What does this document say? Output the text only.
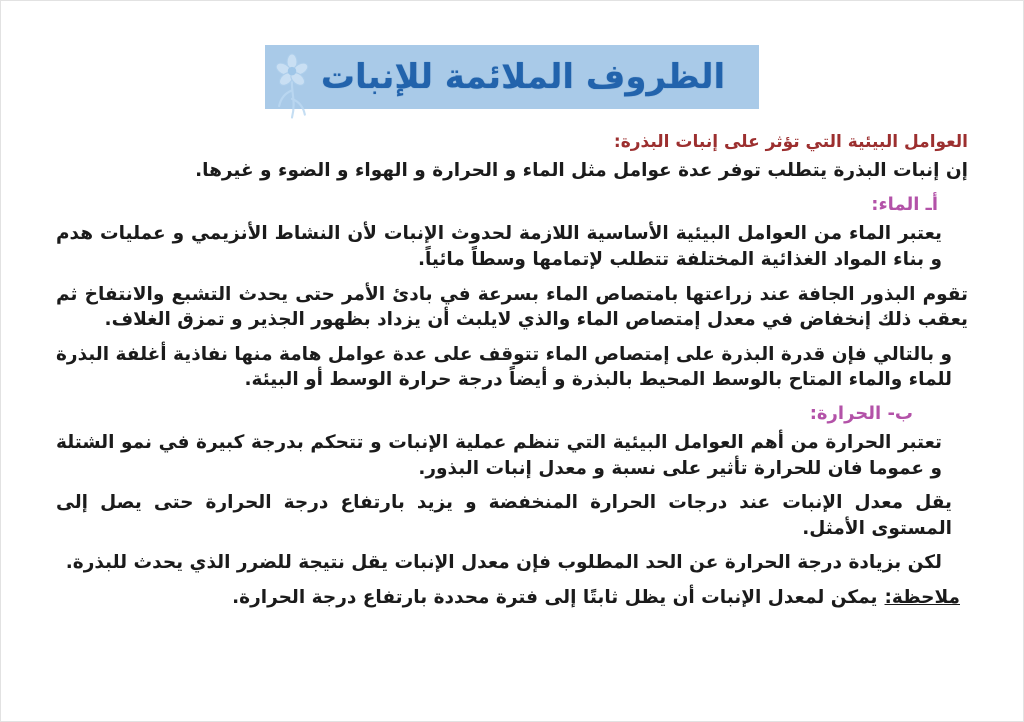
الظروف الملائمة للإنبات
العوامل البيئية التي تؤثر على إنبات البذرة:

إن إنبات البذرة يتطلب توفر عدة عوامل مثل الماء و الحرارة و الهواء و الضوء و غيرها.

أـ الماء:

يعتبر الماء من العوامل البيئية الأساسية اللازمة لحدوث الإنبات لأن النشاط الأنزيمي و عمليات هدم و بناء المواد الغذائية المختلفة تتطلب لإتمامها وسطاً مائياً.

تقوم البذور الجافة عند زراعتها بامتصاص الماء بسرعة في بادئ الأمر حتى يحدث التشبع والانتفاخ ثم يعقب ذلك إنخفاض في معدل إمتصاص الماء والذي لايلبث أن يزداد بظهور الجذير و تمزق الغلاف.

و بالتالي فإن قدرة البذرة على إمتصاص الماء تتوقف على عدة عوامل هامة منها نفاذية أغلفة البذرة للماء والماء المتاح بالوسط المحيط بالبذرة و أيضاً درجة حرارة الوسط أو البيئة.

ب- الحرارة:

تعتبر الحرارة من أهم العوامل البيئية التي تنظم عملية الإنبات و تتحكم بدرجة كبيرة في نمو الشتلة و عموما فان للحرارة تأثير على نسبة و معدل إنبات البذور.

يقل معدل الإنبات عند درجات الحرارة المنخفضة و يزيد بارتفاع درجة الحرارة حتى يصل إلى المستوى الأمثل.

لكن بزيادة درجة الحرارة عن الحد المطلوب فإن معدل الإنبات يقل نتيجة للضرر الذي يحدث للبذرة.

ملاحظة:يمكن لمعدل الإنبات أن يظل ثابتًا إلى فترة محددة بارتفاع درجة الحرارة.
